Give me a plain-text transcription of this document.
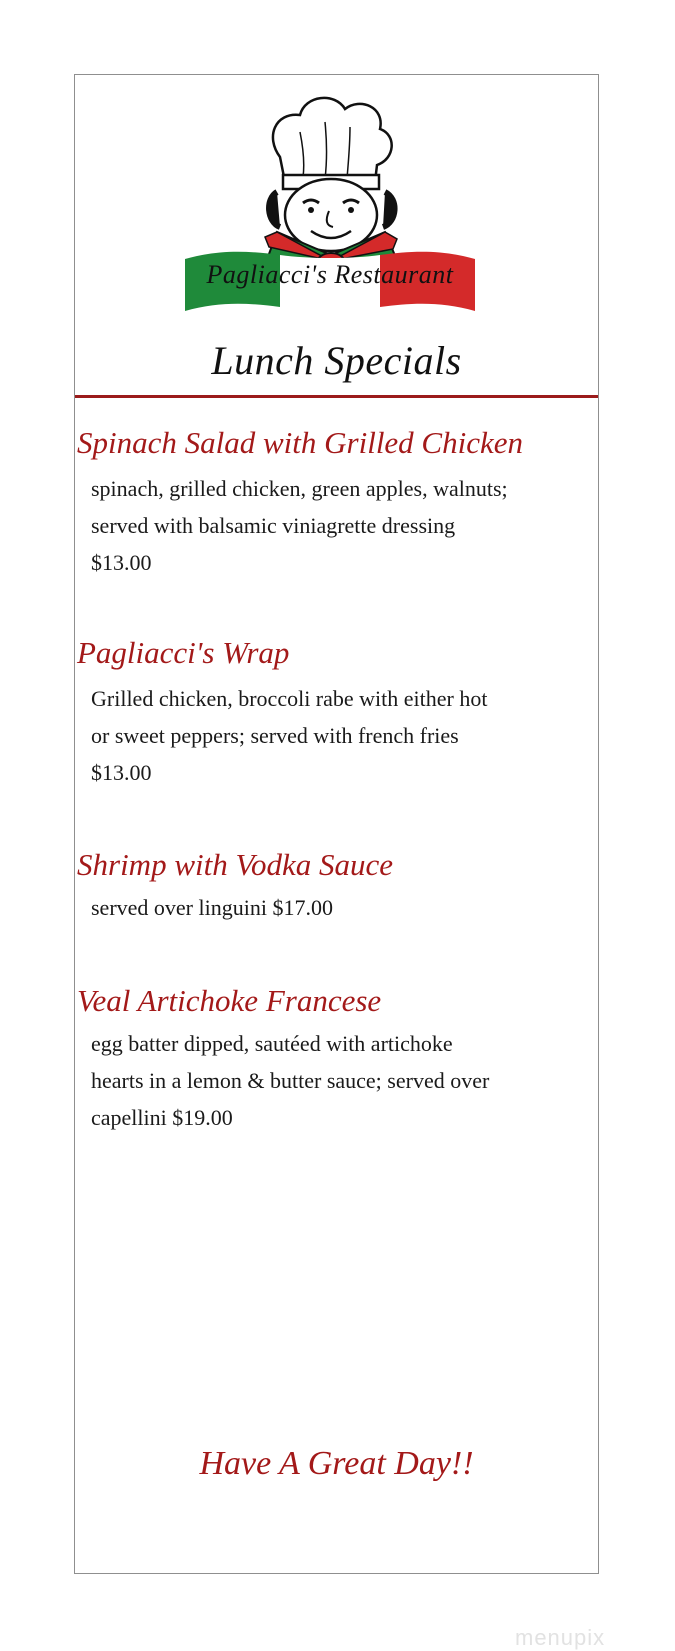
Pagliacci's Restaurant
Lunch Specials
Spinach Salad with Grilled Chicken
spinach, grilled chicken, green apples, walnuts;
served with balsamic viniagrette dressing
$13.00
Pagliacci's Wrap
Grilled chicken, broccoli rabe with either hot
or sweet peppers; served with french fries
$13.00
Shrimp with Vodka Sauce
served over linguini $17.00
Veal Artichoke Francese
egg batter dipped, sautéed with artichoke
hearts in a lemon & butter sauce; served over
capellini $19.00
Have A Great Day!!
menupix
